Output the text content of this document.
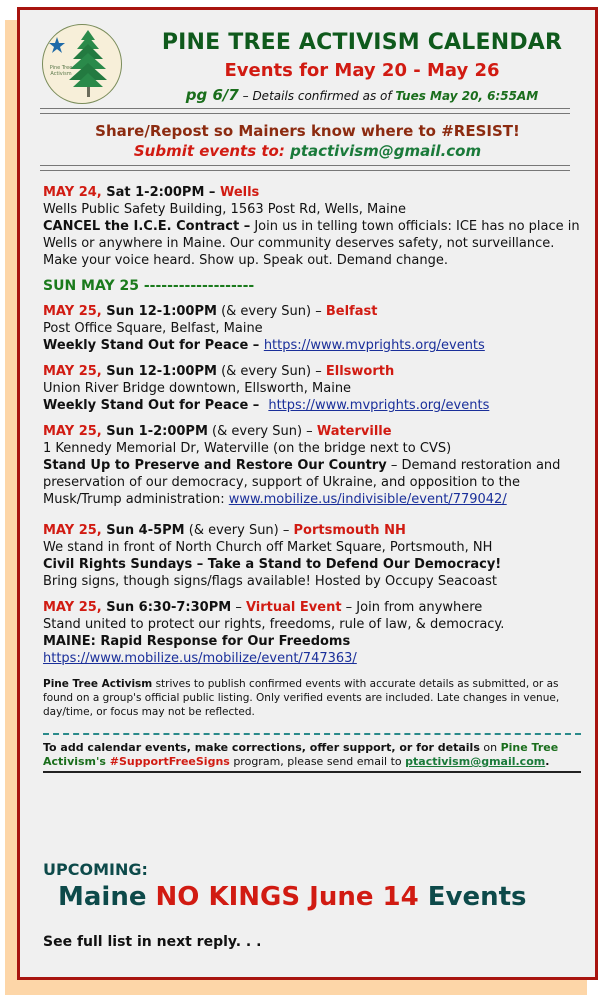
Pine Tree Activism
PINE TREE ACTIVISM CALENDAR
Events for May 20 - May 26
pg 6/7 – Details confirmed as of Tues May 20, 6:55AM
Share/Repost so Mainers know where to #RESIST!
Submit events to: ptactivism@gmail.com
MAY 24, Sat 1-2:00PM – Wells
Wells Public Safety Building, 1563 Post Rd, Wells, Maine
CANCEL the I.C.E. Contract – Join us in telling town officials: ICE has no place in Wells or anywhere in Maine. Our community deserves safety, not surveillance. Make your voice heard. Show up. Speak out. Demand change.
SUN MAY 25 -------------------
MAY 25, Sun 12-1:00PM (& every Sun) – Belfast
Post Office Square, Belfast, Maine
Weekly Stand Out for Peace – https://www.mvprights.org/events
MAY 25, Sun 12-1:00PM (& every Sun) – Ellsworth
Union River Bridge downtown, Ellsworth, Maine
Weekly Stand Out for Peace –  https://www.mvprights.org/events
MAY 25, Sun 1-2:00PM (& every Sun) – Waterville
1 Kennedy Memorial Dr, Waterville (on the bridge next to CVS)
Stand Up to Preserve and Restore Our Country – Demand restoration and preservation of our democracy, support of Ukraine, and opposition to the Musk/Trump administration: www.mobilize.us/indivisible/event/779042/
MAY 25, Sun 4-5PM (& every Sun) – Portsmouth NH
We stand in front of North Church off Market Square, Portsmouth, NH
Civil Rights Sundays – Take a Stand to Defend Our Democracy!
Bring signs, though signs/flags available! Hosted by Occupy Seacoast
MAY 25, Sun 6:30-7:30PM – Virtual Event – Join from anywhere
Stand united to protect our rights, freedoms, rule of law, & democracy.
MAINE: Rapid Response for Our Freedoms
https://www.mobilize.us/mobilize/event/747363/
Pine Tree Activism strives to publish confirmed events with accurate details as submitted, or as found on a group's official public listing. Only verified events are included. Late changes in venue, day/time, or focus may not be reflected.
To add calendar events, make corrections, offer support, or for details on Pine Tree Activism's #SupportFreeSigns program, please send email to ptactivism@gmail.com.
UPCOMING:
Maine NO KINGS June 14 Events
See full list in next reply. . .
